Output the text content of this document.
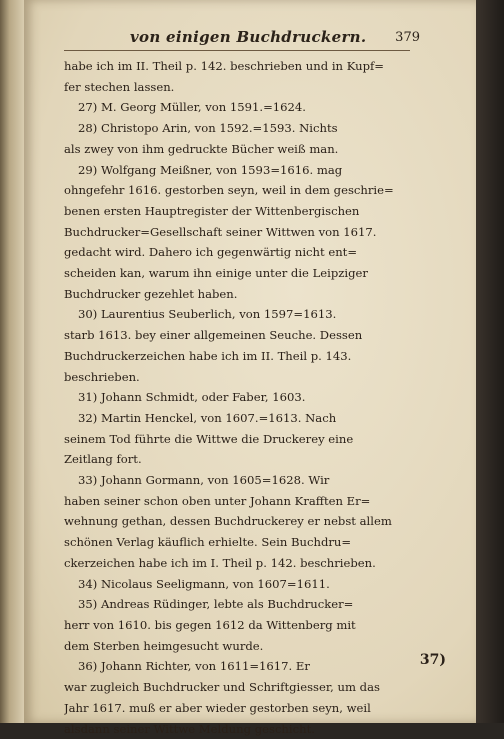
von einigen Buchdruckern. 379
habe ich im II. Theil p. 142. beschrieben und in Kupf=
fer stechen lassen.
27) M. Georg Müller, von 1591.=1624.
28) Christopo Arin, von 1592.=1593. Nichts
als zwey von ihm gedruckte Bücher weiß man.
29) Wolfgang Meißner, von 1593=1616. mag
ohngefehr 1616. gestorben seyn, weil in dem geschrie=
benen ersten Hauptregister der Wittenbergischen
Buchdrucker=Gesellschaft seiner Wittwen von 1617.
gedacht wird. Dahero ich gegenwärtig nicht ent=
scheiden kan, warum ihn einige unter die Leipziger
Buchdrucker gezehlet haben.
30) Laurentius Seuberlich, von 1597=1613.
starb 1613. bey einer allgemeinen Seuche. Dessen
Buchdruckerzeichen habe ich im II. Theil p. 143.
beschrieben.
31) Johann Schmidt, oder Faber, 1603.
32) Martin Henckel, von 1607.=1613. Nach
seinem Tod führte die Wittwe die Druckerey eine
Zeitlang fort.
33) Johann Gormann, von 1605=1628. Wir
haben seiner schon oben unter Johann Krafften Er=
wehnung gethan, dessen Buchdruckerey er nebst allem
schönen Verlag käuflich erhielte. Sein Buchdru=
ckerzeichen habe ich im I. Theil p. 142. beschrieben.
34) Nicolaus Seeligmann, von 1607=1611.
35) Andreas Rüdinger, lebte als Buchdrucker=
herr von 1610. bis gegen 1612 da Wittenberg mit
dem Sterben heimgesucht wurde.
36) Johann Richter, von 1611=1617. Er
war zugleich Buchdrucker und Schriftgiesser, um das
Jahr 1617. muß er aber wieder gestorben seyn, weil
alsdann seiner Wittwe Meldung geschicht.
37)
